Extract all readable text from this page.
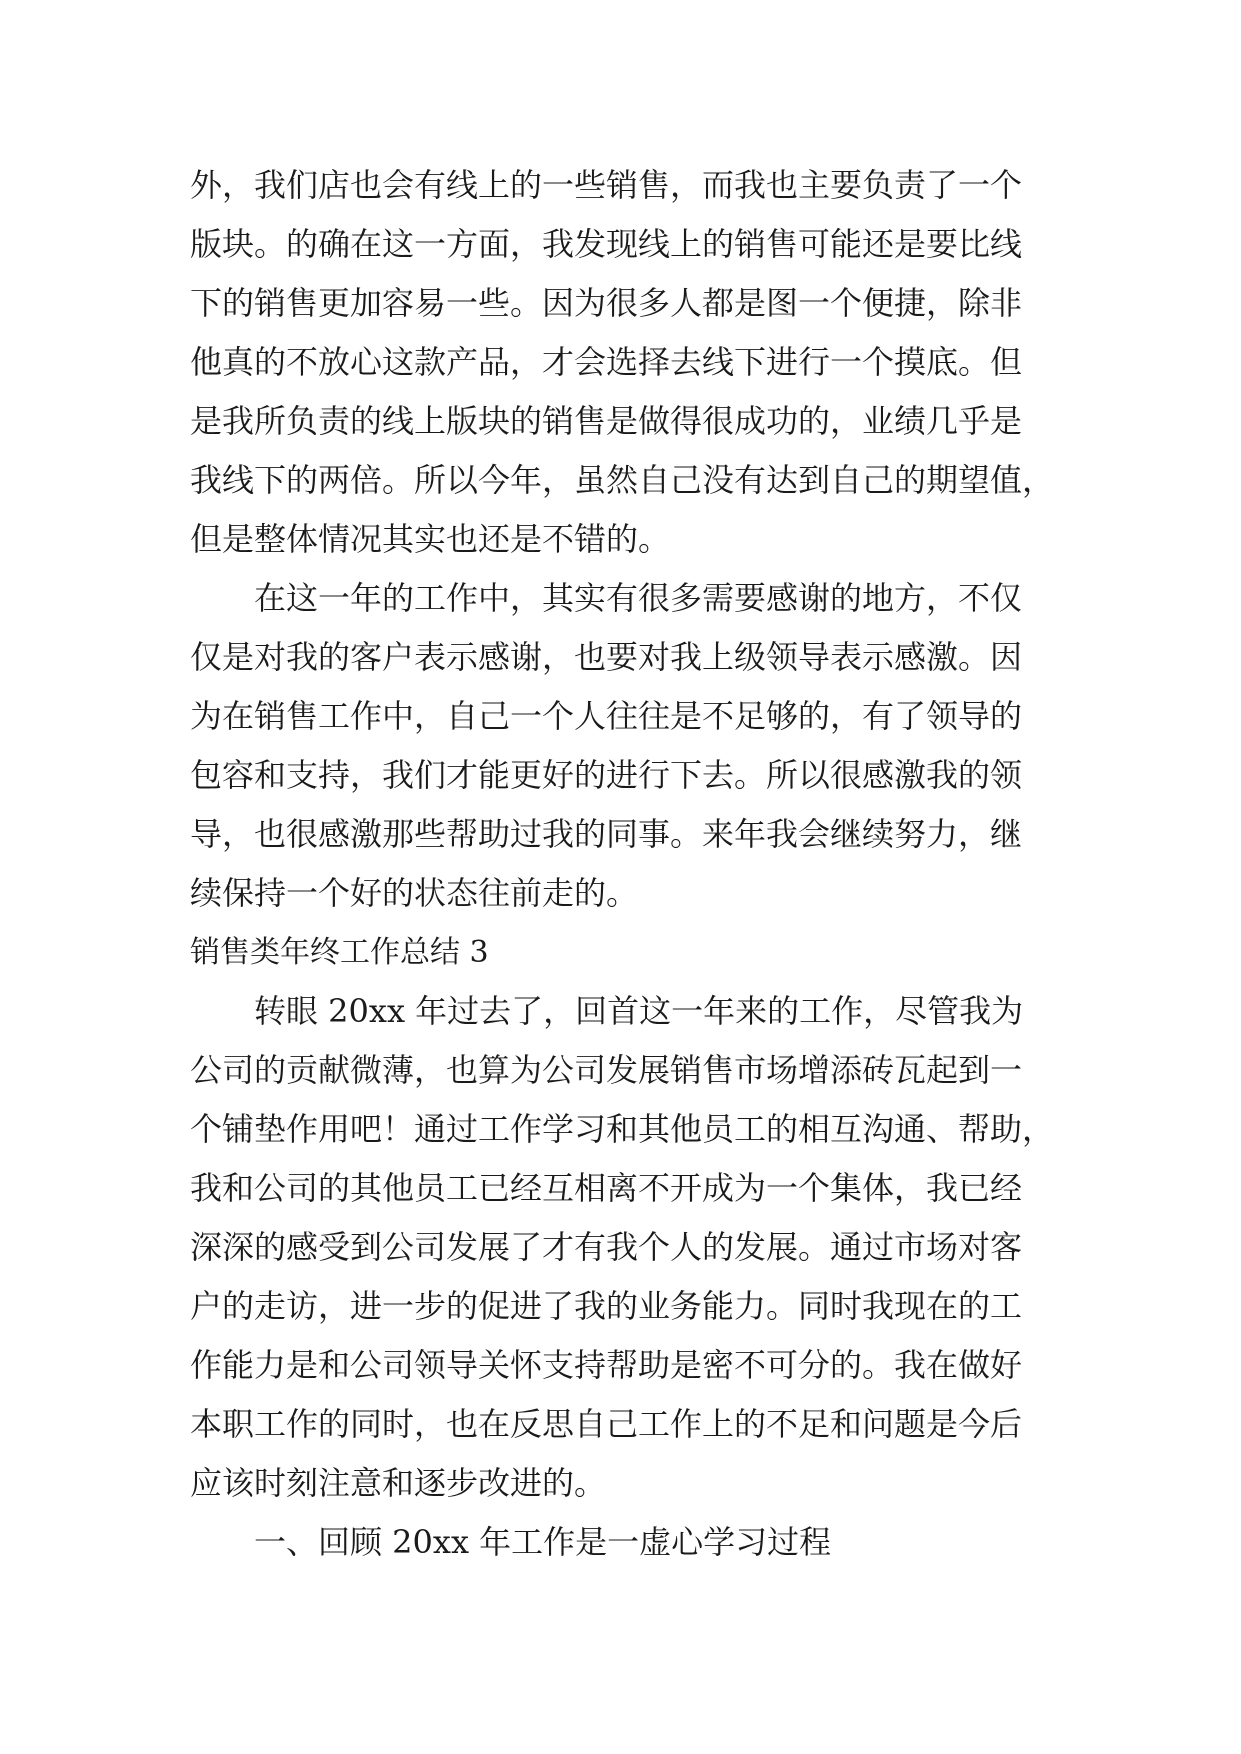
外，我们店也会有线上的一些销售，而我也主要负责了一个
版块。的确在这一方面，我发现线上的销售可能还是要比线
下的销售更加容易一些。因为很多人都是图一个便捷，除非
他真的不放心这款产品，才会选择去线下进行一个摸底。但
是我所负责的线上版块的销售是做得很成功的，业绩几乎是
我线下的两倍。所以今年，虽然自己没有达到自己的期望值，
但是整体情况其实也还是不错的。
在这一年的工作中，其实有很多需要感谢的地方，不仅
仅是对我的客户表示感谢，也要对我上级领导表示感激。因
为在销售工作中，自己一个人往往是不足够的，有了领导的
包容和支持，我们才能更好的进行下去。所以很感激我的领
导，也很感激那些帮助过我的同事。来年我会继续努力，继
续保持一个好的状态往前走的。
销售类年终工作总结 3
转眼 20xx 年过去了，回首这一年来的工作，尽管我为
公司的贡献微薄，也算为公司发展销售市场增添砖瓦起到一
个铺垫作用吧！通过工作学习和其他员工的相互沟通、帮助，
我和公司的其他员工已经互相离不开成为一个集体，我已经
深深的感受到公司发展了才有我个人的发展。通过市场对客
户的走访，进一步的促进了我的业务能力。同时我现在的工
作能力是和公司领导关怀支持帮助是密不可分的。我在做好
本职工作的同时，也在反思自己工作上的不足和问题是今后
应该时刻注意和逐步改进的。
一、回顾 20xx 年工作是一虚心学习过程
